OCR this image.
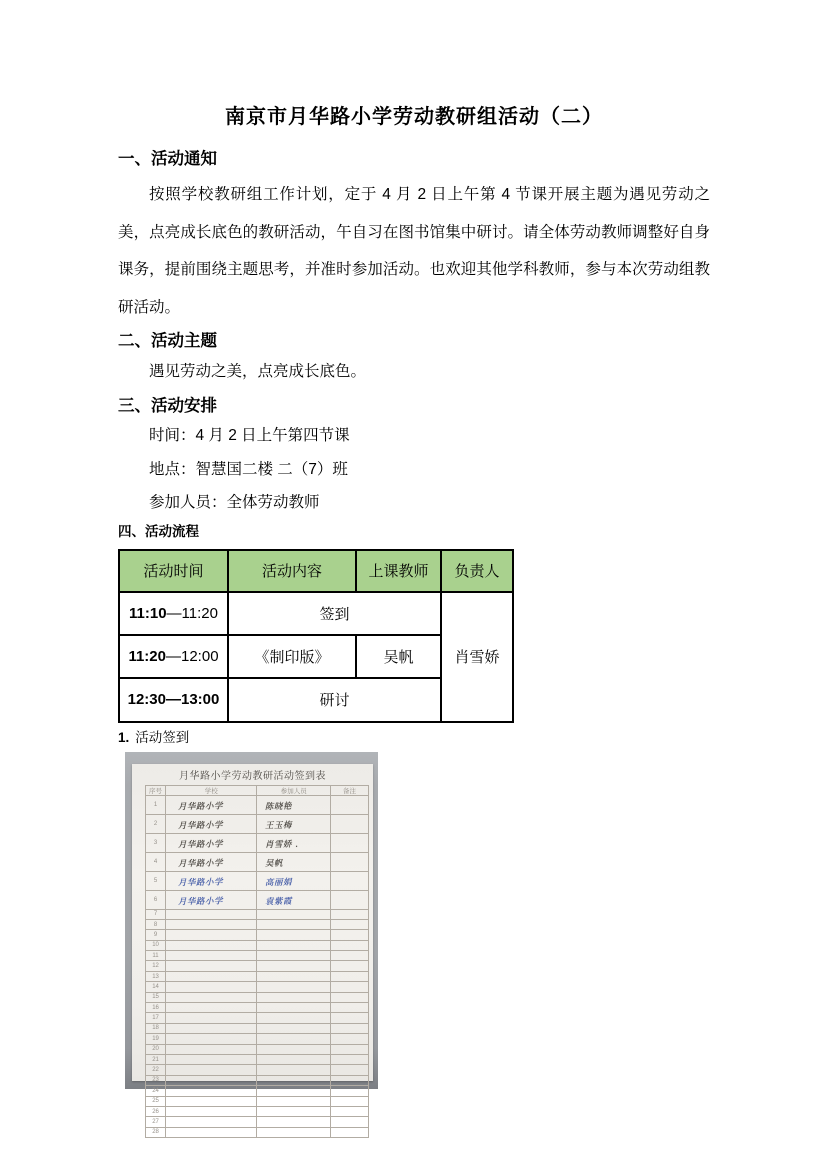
南京市月华路小学劳动教研组活动（二）
一、活动通知
按照学校教研组工作计划，定于 4 月 2 日上午第 4 节课开展主题为遇见劳动之美，点亮成长底色的教研活动，午自习在图书馆集中研讨。请全体劳动教师调整好自身课务，提前围绕主题思考，并准时参加活动。也欢迎其他学科教师，参与本次劳动组教研活动。
二、活动主题
遇见劳动之美，点亮成长底色。
三、活动安排
时间：4 月 2 日上午第四节课
地点：智慧国二楼 二（7）班
参加人员：全体劳动教师
四、活动流程
活动时间	活动内容	上课教师	负责人
11:10—11:20	签到		肖雪娇
11:20—12:00	《制印版》	吴帆	
12:30—13:00	研讨		
1. 活动签到
月华路小学劳动教研活动签到表
序号	学校	参加人员	备注
1	月华路小学	陈晓艳	
2	月华路小学	王玉梅	
3	月华路小学	肖雪娇 .	
4	月华路小学	吴帆	
5	月华路小学	高丽娟	
6	月华路小学	袁紫霞	
7			
8			
9			
10			
11			
12			
13			
14			
15			
16			
17			
18			
19			
20			
21			
22			
23			
24			
25			
26			
27			
28			
